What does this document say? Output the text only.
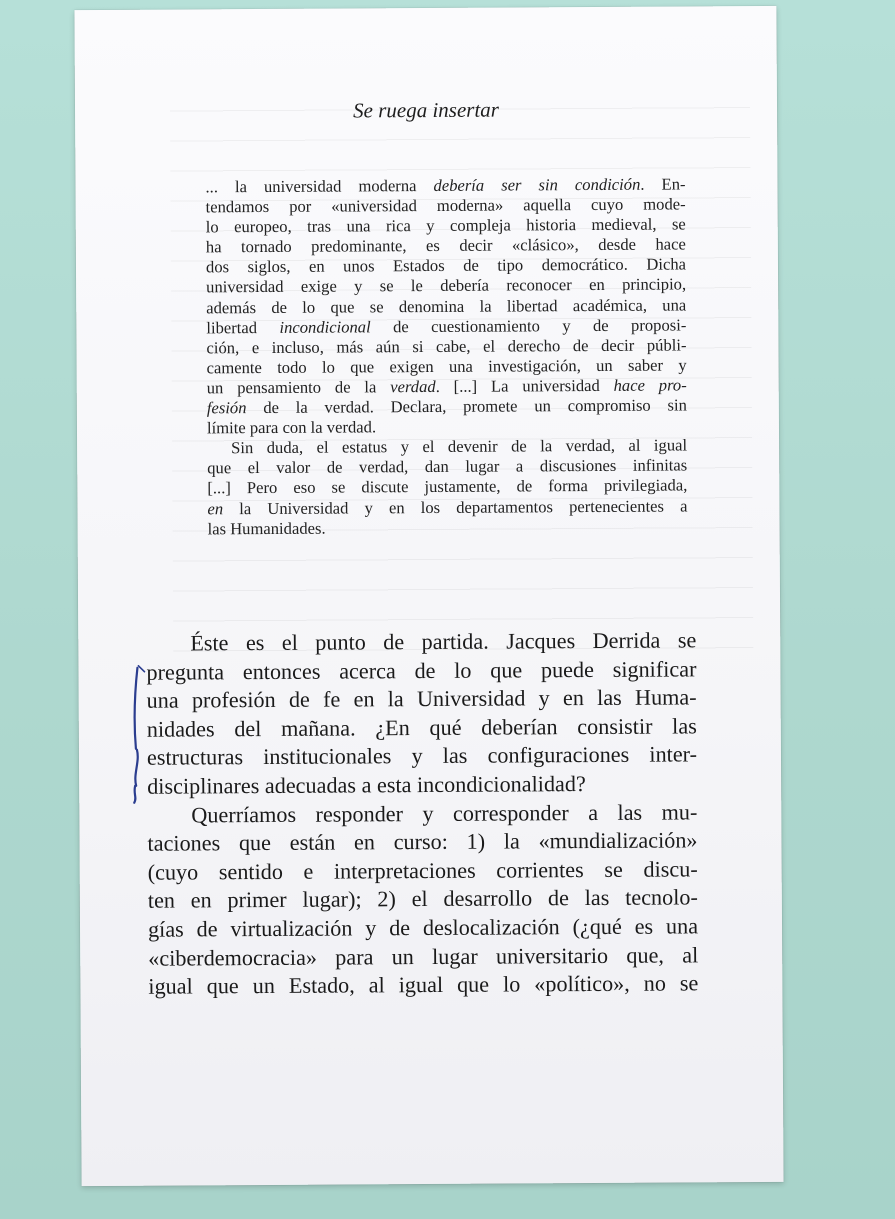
Se ruega insertar

... la universidad moderna debería ser sin condición. En-
tendamos por «universidad moderna» aquella cuyo mode-
lo europeo, tras una rica y compleja historia medieval, se
ha tornado predominante, es decir «clásico», desde hace
dos siglos, en unos Estados de tipo democrático. Dicha
universidad exige y se le debería reconocer en principio,
además de lo que se denomina la libertad académica, una
libertad incondicional de cuestionamiento y de proposi-
ción, e incluso, más aún si cabe, el derecho de decir públi-
camente todo lo que exigen una investigación, un saber y
un pensamiento de la verdad. [...] La universidad hace pro-
fesión de la verdad. Declara, promete un compromiso sin
límite para con la verdad.

Sin duda, el estatus y el devenir de la verdad, al igual
que el valor de verdad, dan lugar a discusiones infinitas
[...] Pero eso se discute justamente, de forma privilegiada,
en la Universidad y en los departamentos pertenecientes a
las Humanidades.

Éste es el punto de partida. Jacques Derrida se
pregunta entonces acerca de lo que puede significar
una profesión de fe en la Universidad y en las Huma-
nidades del mañana. ¿En qué deberían consistir las
estructuras institucionales y las configuraciones inter-
disciplinares adecuadas a esta incondicionalidad?

Querríamos responder y corresponder a las mu-
taciones que están en curso: 1) la «mundialización»
(cuyo sentido e interpretaciones corrientes se discu-
ten en primer lugar); 2) el desarrollo de las tecnolo-
gías de virtualización y de deslocalización (¿qué es una
«ciberdemocracia» para un lugar universitario que, al
igual que un Estado, al igual que lo «político», no se
